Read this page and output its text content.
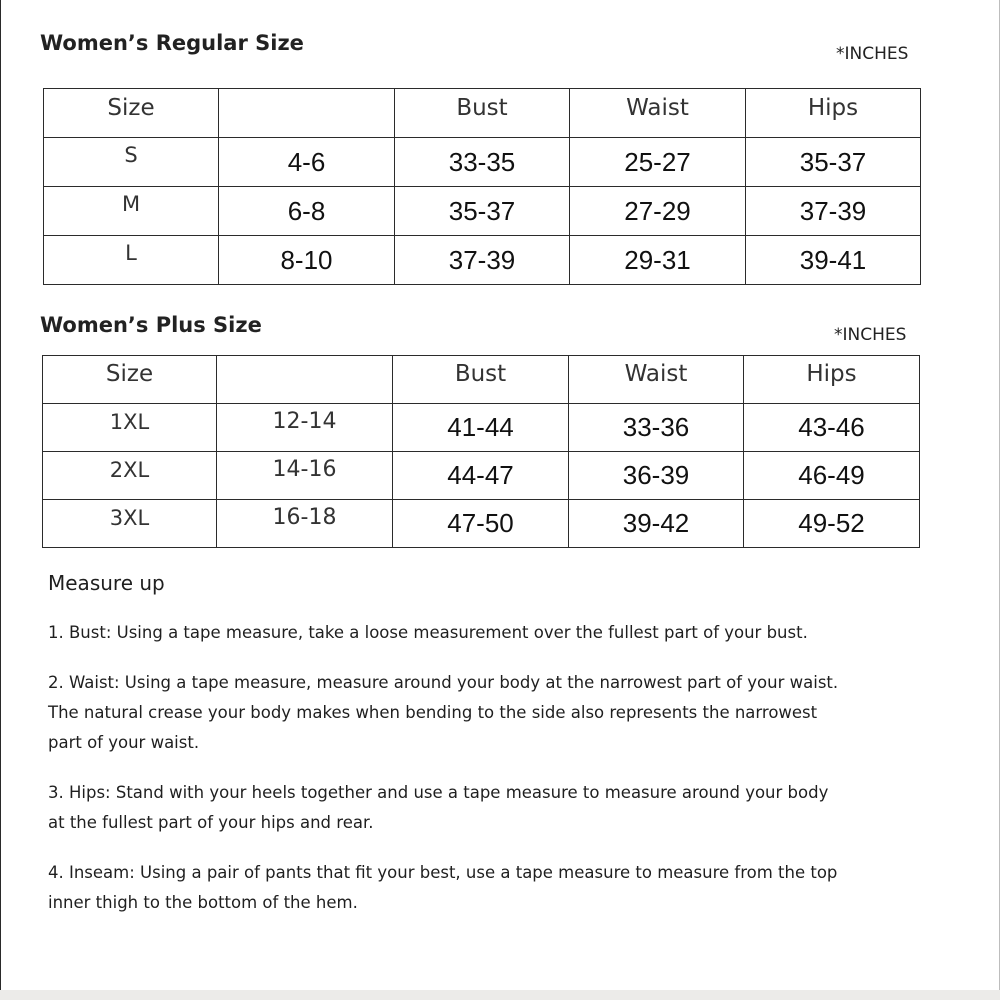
Women’s Regular Size	*INCHES
Size		Bust	Waist	Hips
S	4-6	33-35	25-27	35-37
M	6-8	35-37	27-29	37-39
L	8-10	37-39	29-31	39-41
Women’s Plus Size	*INCHES
Size		Bust	Waist	Hips
1XL	12-14	41-44	33-36	43-46
2XL	14-16	44-47	36-39	46-49
3XL	16-18	47-50	39-42	49-52
Measure up
1. Bust: Using a tape measure, take a loose measurement over the fullest part of your bust.
2. Waist: Using a tape measure, measure around your body at the narrowest part of your waist.
The natural crease your body makes when bending to the side also represents the narrowest
part of your waist.
3. Hips: Stand with your heels together and use a tape measure to measure around your body
at the fullest part of your hips and rear.
4. Inseam: Using a pair of pants that fit your best, use a tape measure to measure from the top
inner thigh to the bottom of the hem.
